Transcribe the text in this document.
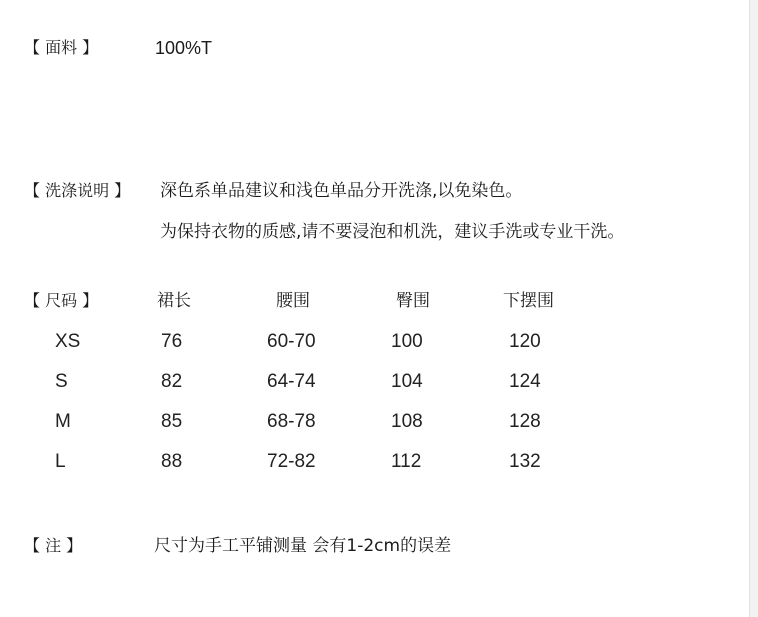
【 面料 】	100%T
【 洗涤说明 】 深色系单品建议和浅色单品分开洗涤,以免染色。
为保持衣物的质感,请不要浸泡和机洗，建议手洗或专业干洗。
【 尺码 】	裙长	腰围	臀围	下摆围
XS	76	60-70	100	120
S	82	64-74	104	124
M	85	68-78	108	128
L	88	72-82	112	132
【 注 】	尺寸为手工平铺测量 会有1-2cm的误差
